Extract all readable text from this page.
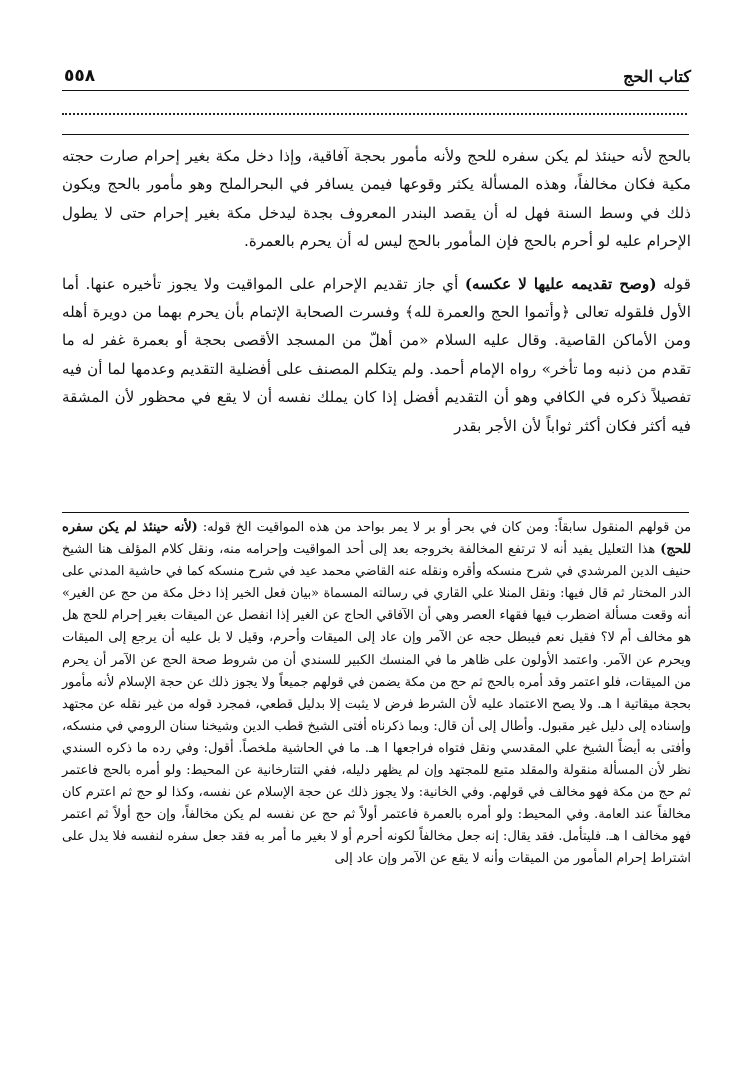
٥٥٨	كتاب الحج

بالحج لأنه حينئذ لم يكن سفره للحج ولأنه مأمور بحجة آفاقية، وإذا دخل مكة بغير إحرام صارت حجته مكية فكان مخالفاً، وهذه المسألة يكثر وقوعها فيمن يسافر في البحرالملح وهو مأمور بالحج ويكون ذلك في وسط السنة فهل له أن يقصد البندر المعروف بجدة ليدخل مكة بغير إحرام حتى لا يطول الإحرام عليه لو أحرم بالحج فإن المأمور بالحج ليس له أن يحرم بالعمرة.

قوله (وصح تقديمه عليها لا عكسه) أي جاز تقديم الإحرام على المواقيت ولا يجوز تأخيره عنها. أما الأول فلقوله تعالى ﴿وأتموا الحج والعمرة لله﴾ وفسرت الصحابة الإتمام بأن يحرم بهما من دويرة أهله ومن الأماكن القاصية. وقال عليه السلام «من أهلّ من المسجد الأقصى بحجة أو بعمرة غفر له ما تقدم من ذنبه وما تأخر» رواه الإمام أحمد. ولم يتكلم المصنف على أفضلية التقديم وعدمها لما أن فيه تفصيلاً ذكره في الكافي وهو أن التقديم أفضل إذا كان يملك نفسه أن لا يقع في محظور لأن المشقة فيه أكثر فكان أكثر ثواباً لأن الأجر بقدر

من قولهم المنقول سابقاً: ومن كان في بحر أو بر لا يمر بواحد من هذه المواقيت الخ قوله: (لأنه حينئذ لم يكن سفره للحج) هذا التعليل يفيد أنه لا ترتفع المخالفة بخروجه بعد إلى أحد المواقيت وإحرامه منه، ونقل كلام المؤلف هنا الشيخ حنيف الدين المرشدي في شرح منسكه وأقره ونقله عنه القاضي محمد عيد في شرح منسكه كما في حاشية المدني على الدر المختار ثم قال فيها: ونقل المنلا علي القاري في رسالته المسماة «بيان فعل الخير إذا دخل مكة من حج عن الغير» أنه وقعت مسألة اضطرب فيها فقهاء العصر وهي أن الآفاقي الحاج عن الغير إذا انفصل عن الميقات بغير إحرام للحج هل هو مخالف أم لا؟ فقيل نعم فيبطل حجه عن الآمر وإن عاد إلى الميقات وأحرم، وقيل لا بل عليه أن يرجع إلى الميقات ويحرم عن الآمر. واعتمد الأولون على ظاهر ما في المنسك الكبير للسندي أن من شروط صحة الحج عن الآمر أن يحرم من الميقات، فلو اعتمر وقد أمره بالحج ثم حج من مكة يضمن في قولهم جميعاً ولا يجوز ذلك عن حجة الإسلام لأنه مأمور بحجة ميقاتية ا هـ. ولا يصح الاعتماد عليه لأن الشرط فرض لا يثبت إلا بدليل قطعي، فمجرد قوله من غير نقله عن مجتهد وإسناده إلى دليل غير مقبول. وأطال إلى أن قال: وبما ذكرناه أفتى الشيخ قطب الدين وشيخنا سنان الرومي في منسكه، وأفتى به أيضاً الشيخ علي المقدسي ونقل فتواه فراجعها ا هـ. ما في الحاشية ملخصاً. أقول: وفي رده ما ذكره السندي نظر لأن المسألة منقولة والمقلد متبع للمجتهد وإن لم يظهر دليله، ففي التتارخانية عن المحيط: ولو أمره بالحج فاعتمر ثم حج من مكة فهو مخالف في قولهم. وفي الخانية: ولا يجوز ذلك عن حجة الإسلام عن نفسه، وكذا لو حج ثم اعترم كان مخالفاً عند العامة. وفي المحيط: ولو أمره بالعمرة فاعتمر أولاً ثم حج عن نفسه لم يكن مخالفاً، وإن حج أولاً ثم اعتمر فهو مخالف ا هـ. فليتأمل. فقد يقال: إنه جعل مخالفاً لكونه أحرم أو لا بغير ما أمر به فقد جعل سفره لنفسه فلا يدل على اشتراط إحرام المأمور من الميقات وأنه لا يقع عن الآمر وإن عاد إلى
